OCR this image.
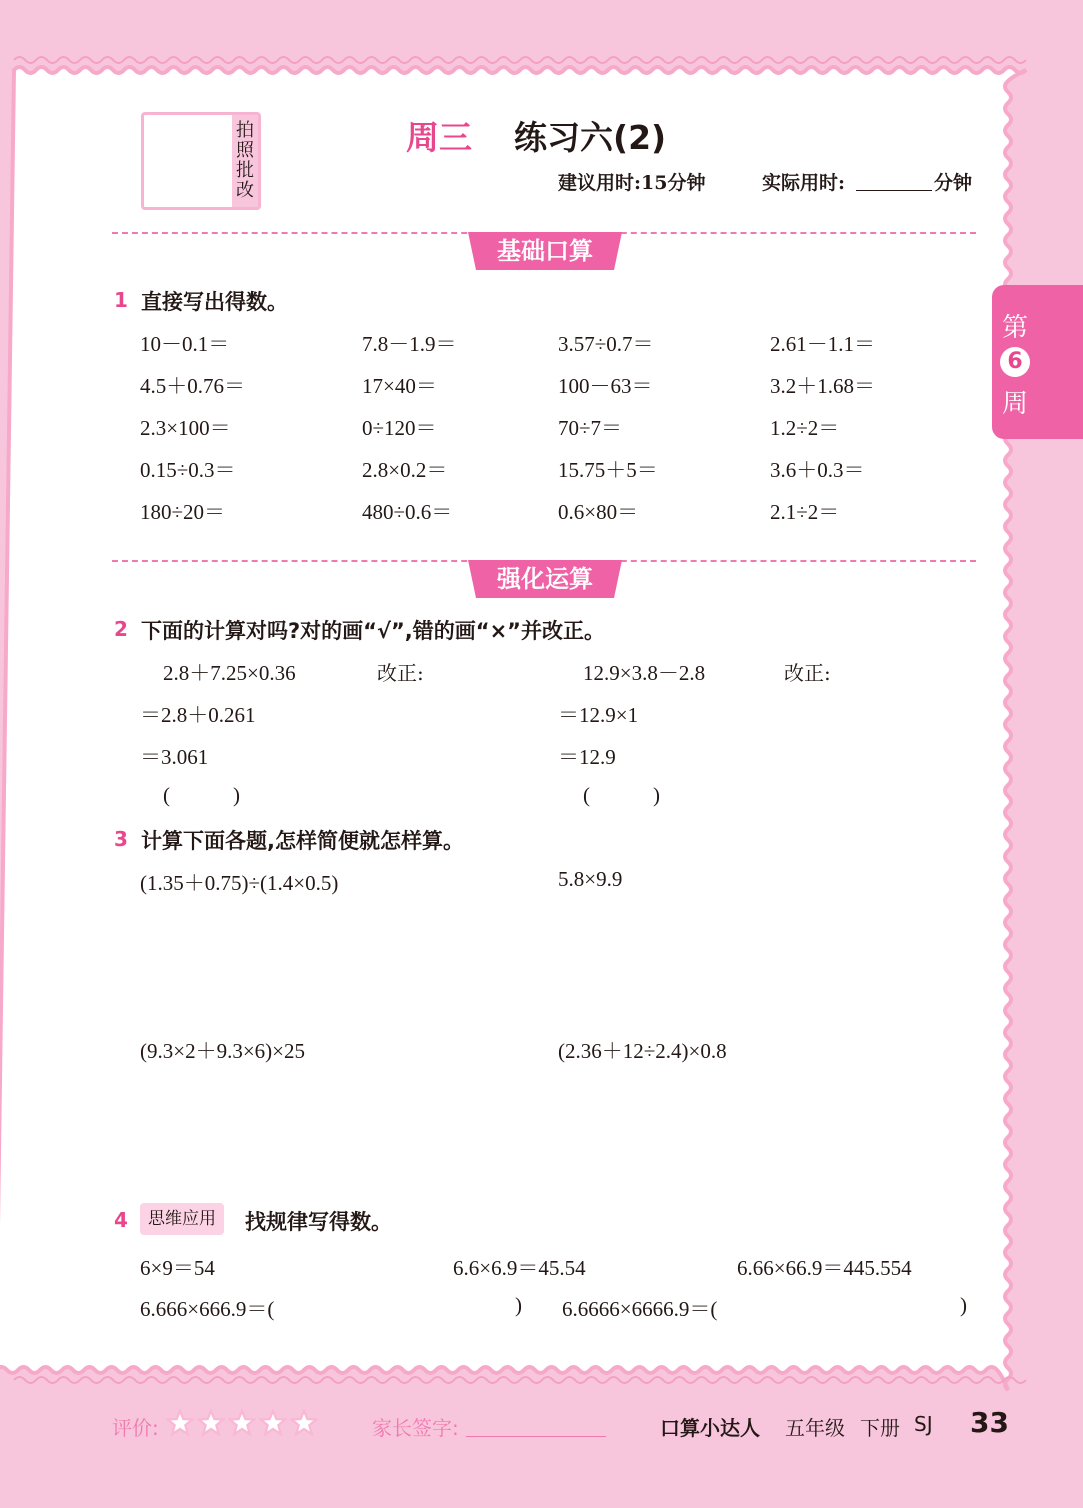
拍
照
批
改
周三 练习六(2)
建议用时:15分钟	实际用时:	分钟
第
6
周
基础口算
1 直接写出得数。
10－0.1＝	7.8－1.9＝	3.57÷0.7＝	2.61－1.1＝
4.5＋0.76＝	17×40＝	100－63＝	3.2＋1.68＝
2.3×100＝	0÷120＝	70÷7＝	1.2÷2＝
0.15÷0.3＝	2.8×0.2＝	15.75＋5＝	3.6＋0.3＝
180÷20＝	480÷0.6＝	0.6×80＝	2.1÷2＝
强化运算
2 下面的计算对吗?对的画“√”,错的画“×”并改正。
2.8＋7.25×0.36	改正:
＝2.8＋0.261
＝3.061
(            )
12.9×3.8－2.8	改正:
＝12.9×1
＝12.9
(            )
3 计算下面各题,怎样简便就怎样算。
(1.35＋0.75)÷(1.4×0.5)	5.8×9.9
(9.3×2＋9.3×6)×25	(2.36＋12÷2.4)×0.8
4	思维应用	找规律写得数。
6×9＝54	6.6×6.9＝45.54	6.66×66.9＝445.554
6.666×666.9＝(	) 6.6666×6666.9＝(	)
评价:	家长签字:	口算小达人 五年级 下册 SJ 33
